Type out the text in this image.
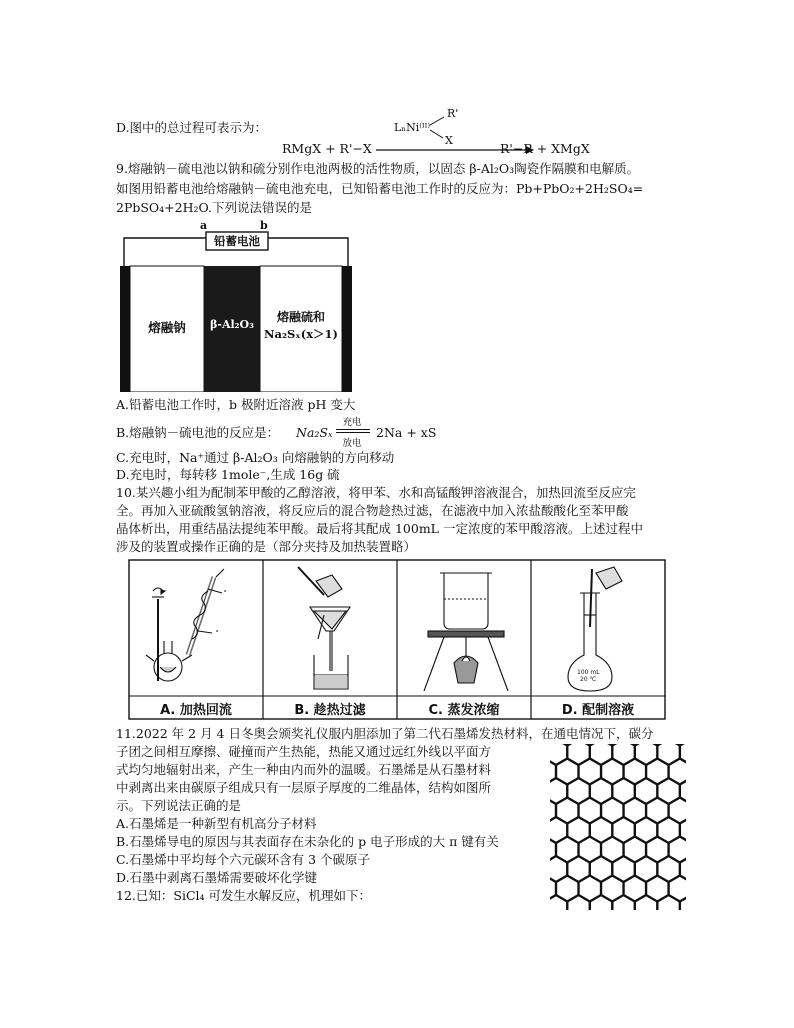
D.图中的总过程可表示为：
RMgX + R'−X
LₙNi⁽ᴵᴵ⁾
R'
X
R'−R + XMgX
9.熔融钠－硫电池以钠和硫分别作电池两极的活性物质，以固态 β-Al₂O₃陶瓷作隔膜和电解质。
如图用铅蓄电池给熔融钠－硫电池充电，已知铅蓄电池工作时的反应为：Pb+PbO₂+2H₂SO₄=
2PbSO₄+2H₂O.下列说法错误的是
铅蓄电池
a	b
熔融钠	β-Al₂O₃
熔融硫和
Na₂Sₓ(x＞1)
A.铅蓄电池工作时，b 极附近溶液 pH 变大
B.熔融钠－硫电池的反应是： Na₂Sₓ
充电
放电
2Na + xS
C.充电时，Na⁺通过 β-Al₂O₃ 向熔融钠的方向移动
D.充电时，每转移 1mole⁻,生成 16g 硫
10.某兴趣小组为配制苯甲酸的乙醇溶液，将甲苯、水和高锰酸钾溶液混合，加热回流至反应完
全。再加入亚硫酸氢钠溶液，将反应后的混合物趁热过滤，在滤液中加入浓盐酸酸化至苯甲酸
晶体析出，用重结晶法提纯苯甲酸。最后将其配成 100mL 一定浓度的苯甲酸溶液。上述过程中
涉及的装置或操作正确的是（部分夹持及加热装置略）
100 mL
20 ℃
A. 加热回流	B. 趁热过滤	C. 蒸发浓缩	D. 配制溶液
11.2022 年 2 月 4 日冬奥会颁奖礼仪服内胆添加了第二代石墨烯发热材料，在通电情况下，碳分
子团之间相互摩擦、碰撞而产生热能，热能又通过远红外线以平面方
式均匀地辐射出来，产生一种由内而外的温暖。石墨烯是从石墨材料
中剥离出来由碳原子组成只有一层原子厚度的二维晶体，结构如图所
示。下列说法正确的是
A.石墨烯是一种新型有机高分子材料
B.石墨烯导电的原因与其表面存在未杂化的 p 电子形成的大 π 键有关
C.石墨烯中平均每个六元碳环含有 3 个碳原子
D.石墨中剥离石墨烯需要破坏化学键
12.已知：SiCl₄ 可发生水解反应，机理如下：
